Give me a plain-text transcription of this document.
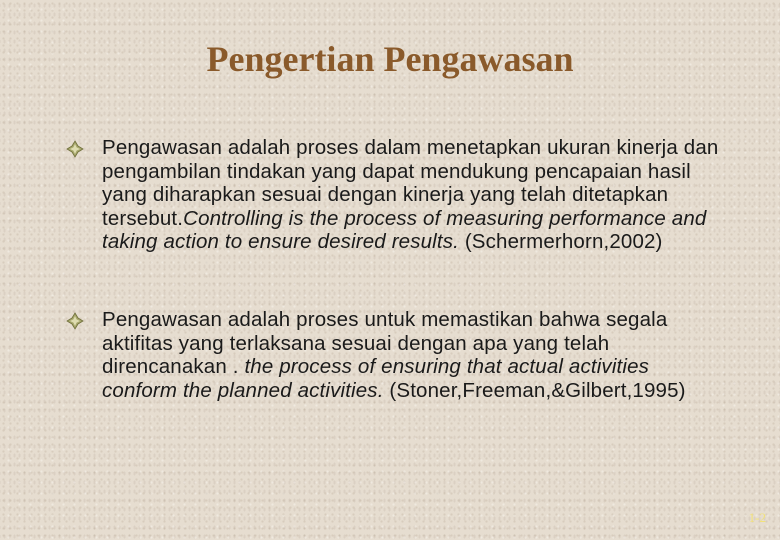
Pengertian Pengawasan
Pengawasan adalah proses dalam menetapkan ukuran kinerja dan pengambilan tindakan yang dapat mendukung pencapaian hasil yang diharapkan sesuai dengan kinerja yang telah ditetapkan tersebut.Controlling is the process of measuring performance and taking action to ensure desired results. (Schermerhorn,2002)
Pengawasan adalah proses untuk memastikan bahwa segala aktifitas yang terlaksana sesuai dengan apa yang telah direncanakan . the process of ensuring that actual activities conform the planned activities. (Stoner,Freeman,&Gilbert,1995)
1-2
